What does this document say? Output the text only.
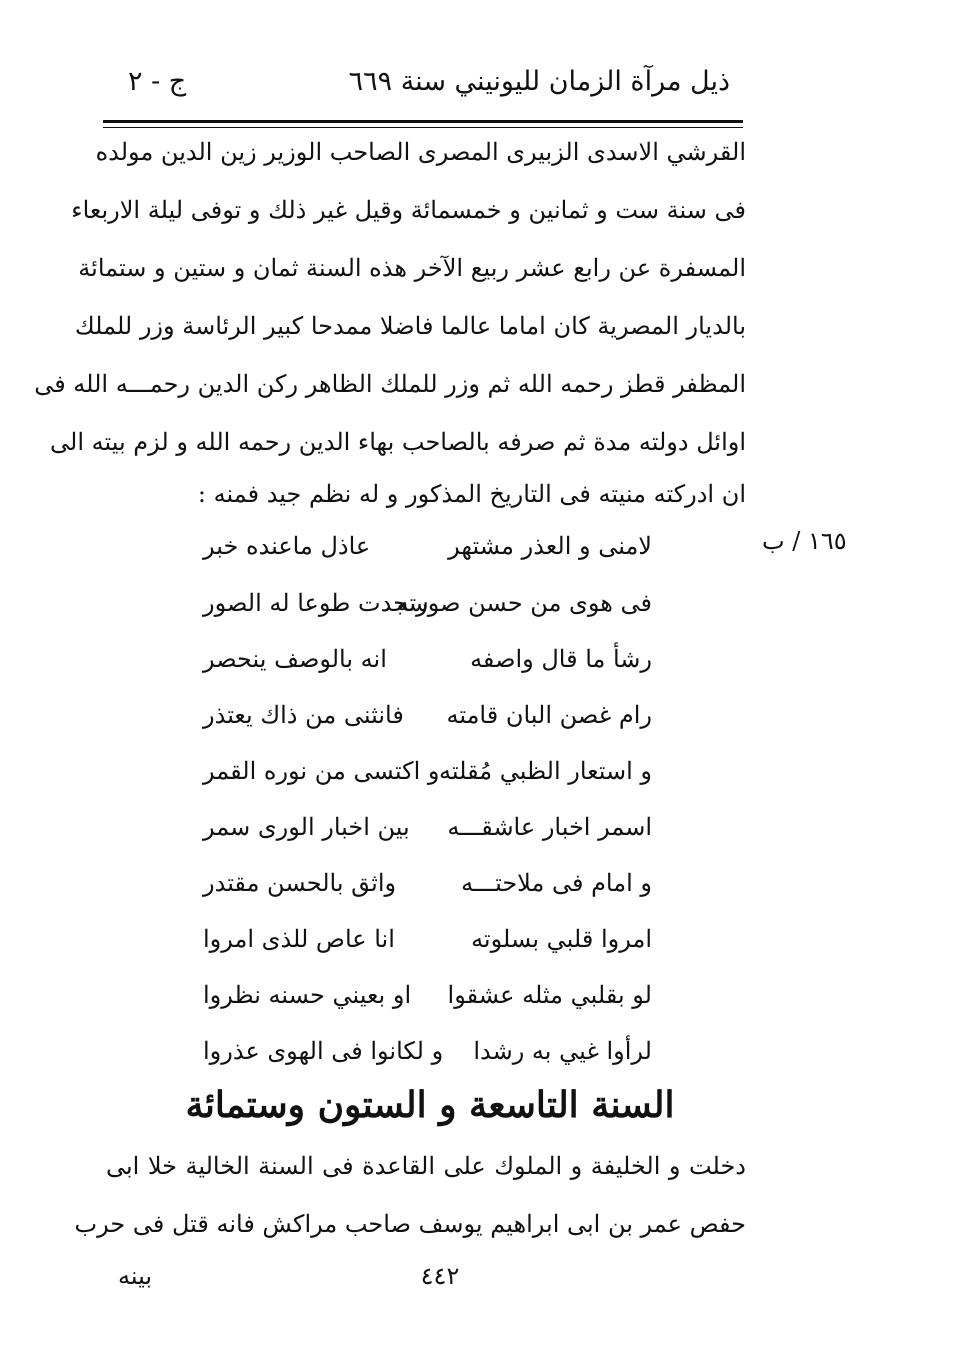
ذيل مرآة الزمان لليونيني سنة ٦٦٩
ج - ٢
القرشي الاسدى الزبيرى المصرى الصاحب الوزير زين الدين مولده
فى سنة ست و ثمانين و خمسمائة وقيل غير ذلك و توفى ليلة الاربعاء
المسفرة عن رابع عشر ربيع الآخر هذه السنة ثمان و ستين و ستمائة
بالديار المصرية كان اماما عالما فاضلا ممدحا كبير الرئاسة وزر للملك
المظفر قطز رحمه الله ثم وزر للملك الظاهر ركن الدين رحمـــه الله فى
اوائل دولته مدة ثم صرفه بالصاحب بهاء الدين رحمه الله و لزم بيته الى
ان ادركته منيته فى التاريخ المذكور و له نظم جيد فمنه :
١٦٥ / ب
لامنى و العذر مشتهر
عاذل ماعنده خبر
فى هوى من حسن صورته
سجدت طوعا له الصور
رشأ ما قال واصفه
انه بالوصف ينحصر
رام غصن البان قامته
فانثنى من ذاك يعتذر
و استعار الظبي مُقلته
و اكتسى من نوره القمر
اسمر اخبار عاشقـــه
بين اخبار الورى سمر
و امام فى ملاحتـــه
واثق بالحسن مقتدر
امروا قلبي بسلوته
انا عاص للذى امروا
لو بقلبي مثله عشقوا
او بعيني حسنه نظروا
لرأوا غيي به رشدا
و لكانوا فى الهوى عذروا
السنة التاسعة و الستون وستمائة
دخلت و الخليفة و الملوك على القاعدة فى السنة الخالية خلا ابى
حفص عمر بن ابى ابراهيم يوسف صاحب مراكش فانه قتل فى حرب
٤٤٢
بينه
